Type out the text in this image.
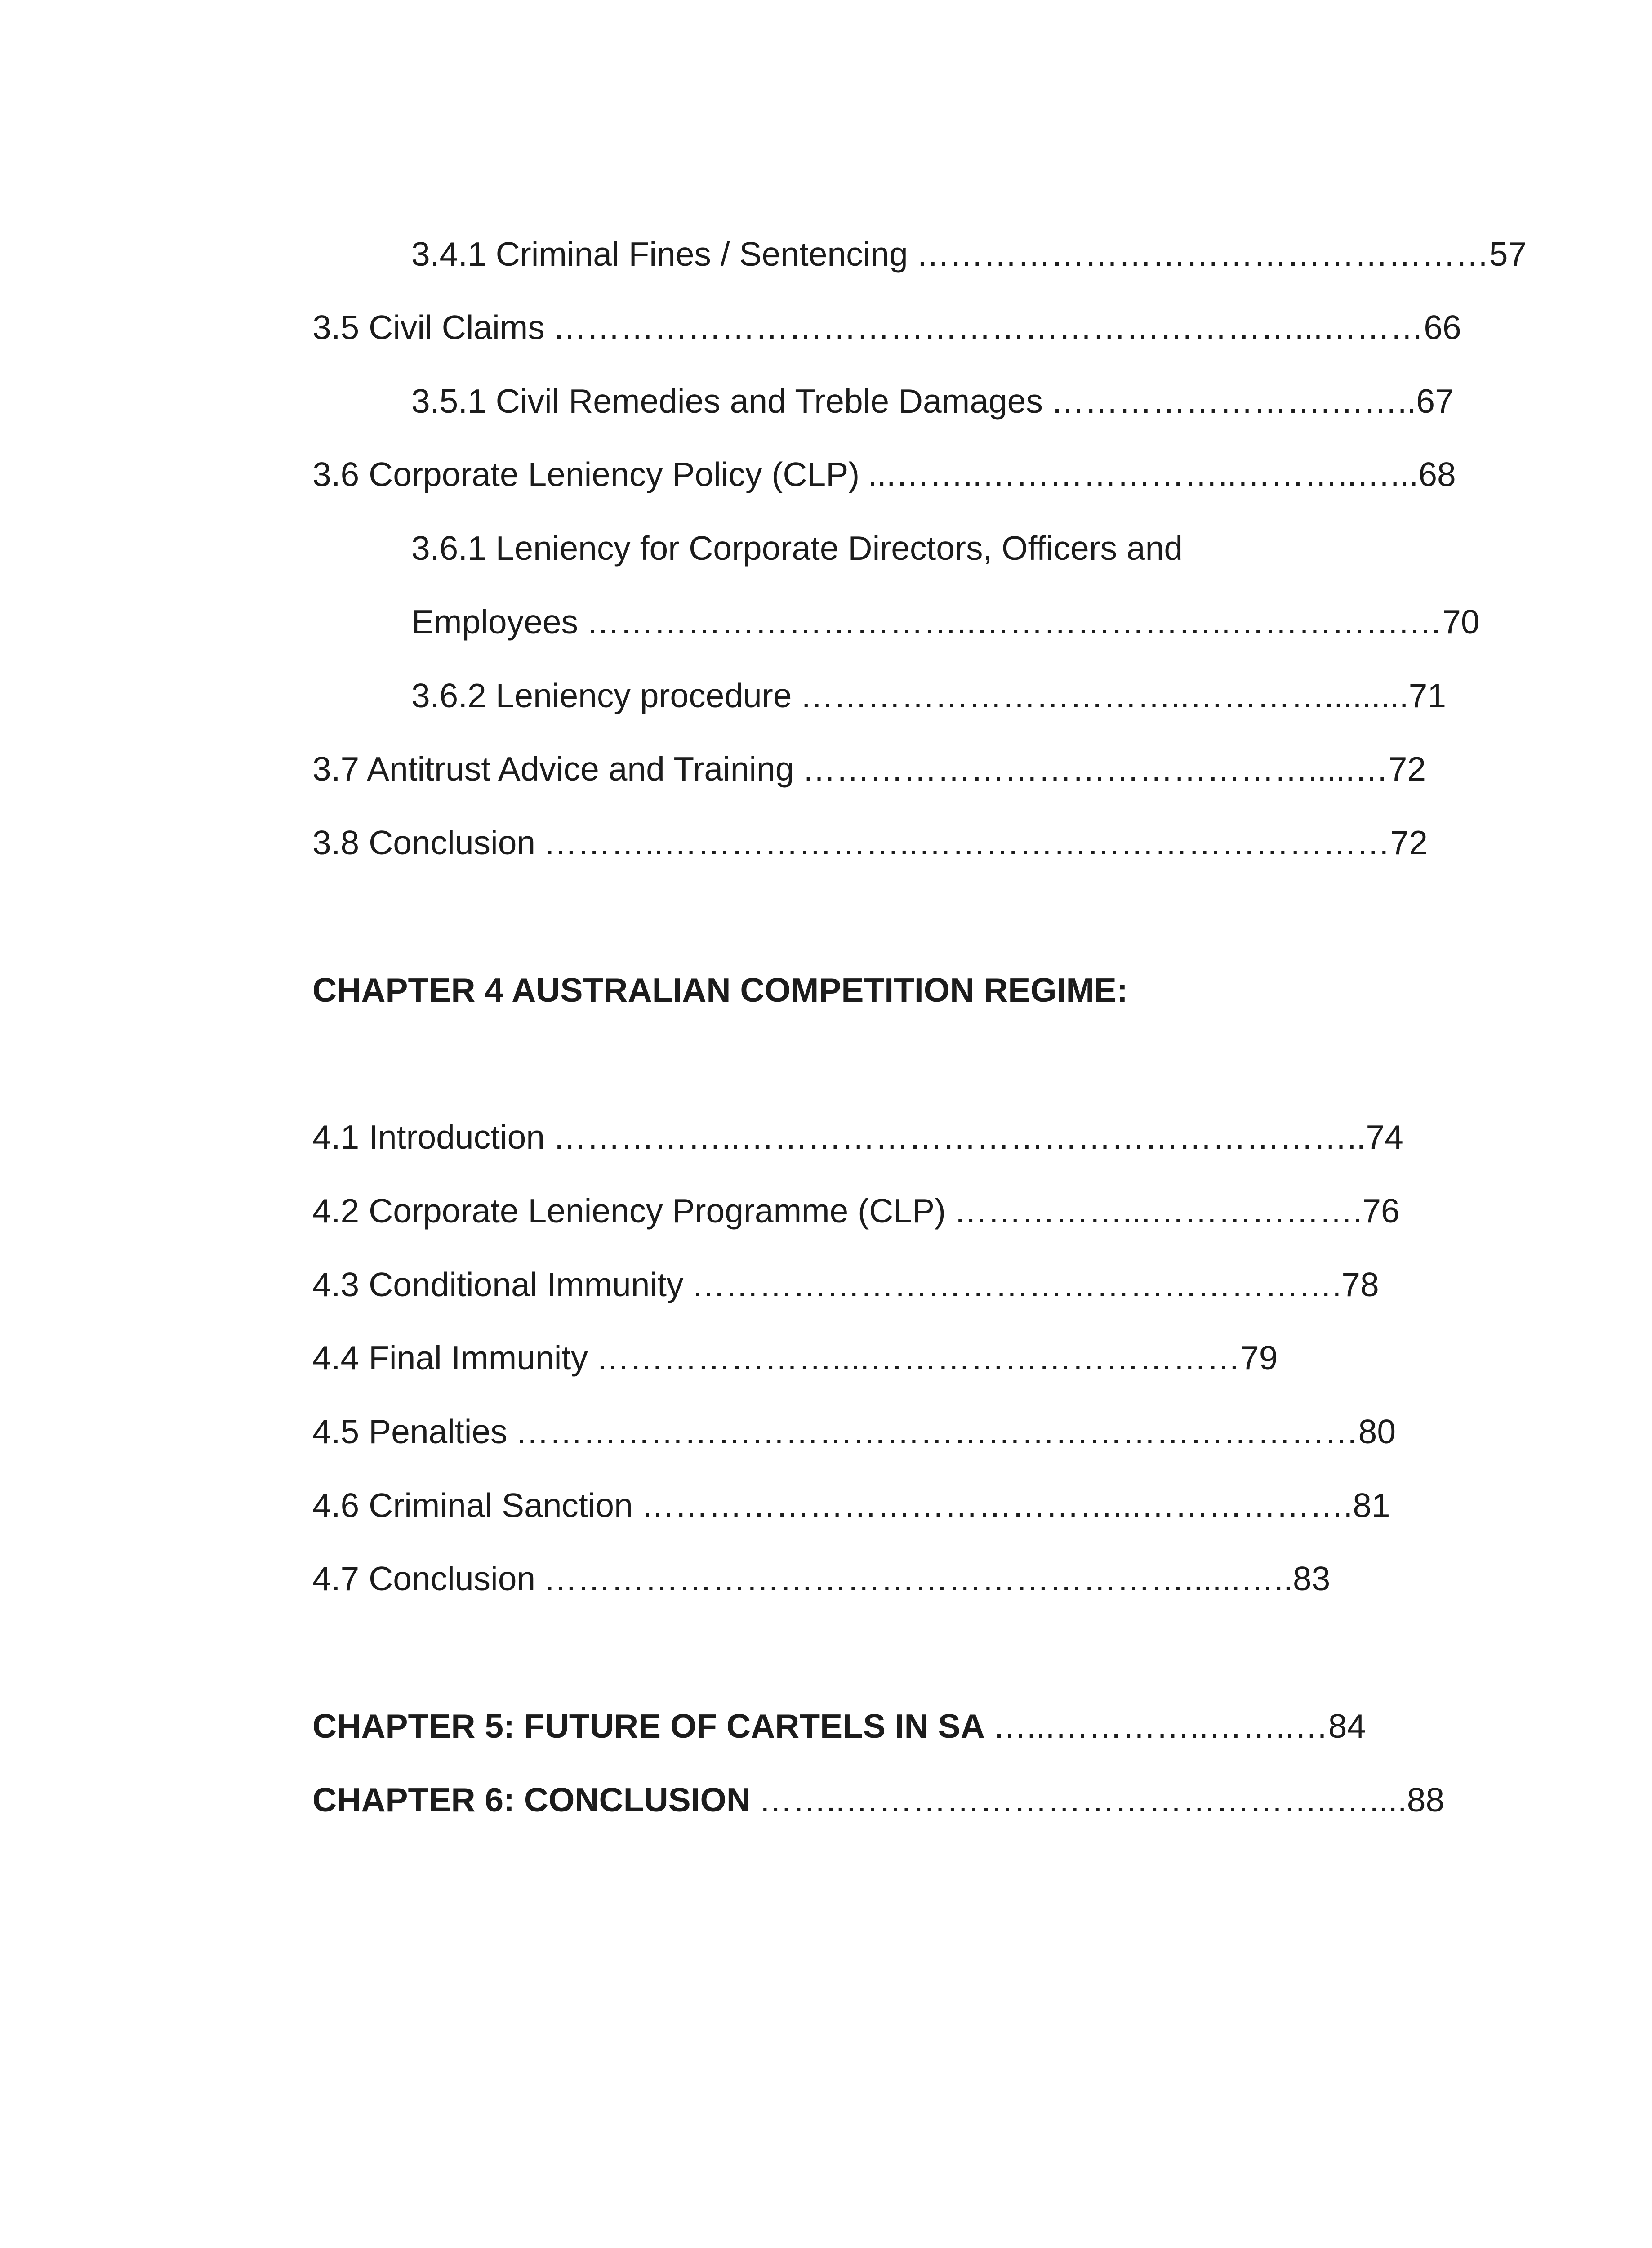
3.4.1 Criminal Fines / Sentencing ……………………………………………57
3.5 Civil Claims …………………………………………………………...………66
3.5.1 Civil Remedies and Treble Damages …………………….……..67
3.6 Corporate Leniency Policy (CLP) ...……..…………………..………..…...68
3.6.1 Leniency for Corporate Directors, Officers and
Employees ……………………………..…………………..…………….…70
3.6.2 Leniency procedure ……………………………..………….........71
3.7 Antitrust Advice and Training ……………………………………….....…72
3.8 Conclusion ………..…………………..……………………………………72
CHAPTER 4 AUSTRALIAN COMPETITION REGIME:
4.1 Introduction ……………..………………………………………………..74
4.2 Corporate Leniency Programme (CLP) ……………...……………….76
4.3 Conditional Immunity ………………………………………………….78
4.4 Final Immunity …………………....……………………………79
4.5 Penalties …………………………………………………………………80
4.6 Criminal Sanction ……………………………………...……………….81
4.7 Conclusion …………………………………………………......…..83
CHAPTER 5: FUTURE OF CARTELS IN SA …...…………..……..…84
CHAPTER 6: CONCLUSION ……..……………………………………..…....88
